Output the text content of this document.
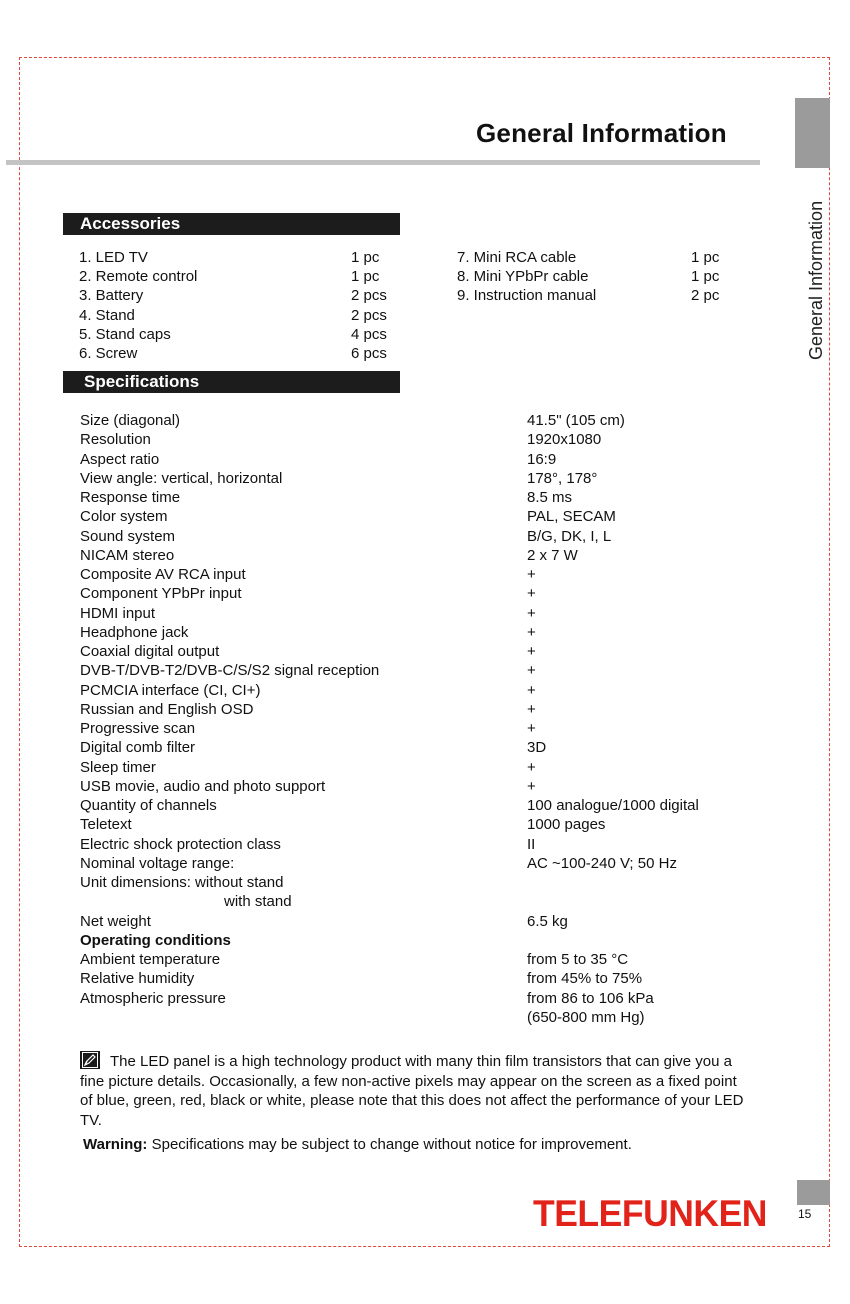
General Information
General Information
Accessories
1. LED TV	1 pc
2. Remote control	1 pc
3. Battery	2 pcs
4. Stand	2 pcs
5. Stand caps	4 pcs
6. Screw	6 pcs
7. Mini RCA cable	1 pc
8. Mini YPbPr cable	1 pc
9. Instruction manual	2 pc
Specifications
Size (diagonal)	41.5" (105 cm)
Resolution	1920x1080
Aspect ratio	16:9
View angle: vertical, horizontal	178°, 178°
Response time	8.5 ms
Color system	PAL, SECAM
Sound system	B/G, DK, I, L
NICAM stereo	2 x 7 W
Composite AV RCA input	+
Component YPbPr input	+
HDMI input	+
Headphone jack	+
Coaxial digital output	+
DVB-T/DVB-T2/DVB-C/S/S2 signal reception	+
PCMCIA interface (CI, CI+)	+
Russian and English OSD	+
Progressive scan	+
Digital comb filter	3D
Sleep timer	+
USB movie, audio and photo support	+
Quantity of channels	100 analogue/1000 digital
Teletext	1000 pages
Electric shock protection class	II
Nominal voltage range:	AC ~100-240 V; 50 Hz
Unit dimensions: without stand
with stand
Net weight	6.5 kg
Operating conditions
Ambient temperature	from 5 to 35 °C
Relative humidity	from 45% to 75%
Atmospheric pressure	from 86 to 106 kPa
(650-800 mm Hg)

The LED panel is a high technology product with many thin film transistors that can give you a fine picture details. Occasionally, a few non-active pixels may appear on the screen as a fixed point of blue, green, red, black or white, please note that this does not affect the performance of your LED TV.

Warning: Specifications may be subject to change without notice for improvement.
TELEFUNKEN	15
